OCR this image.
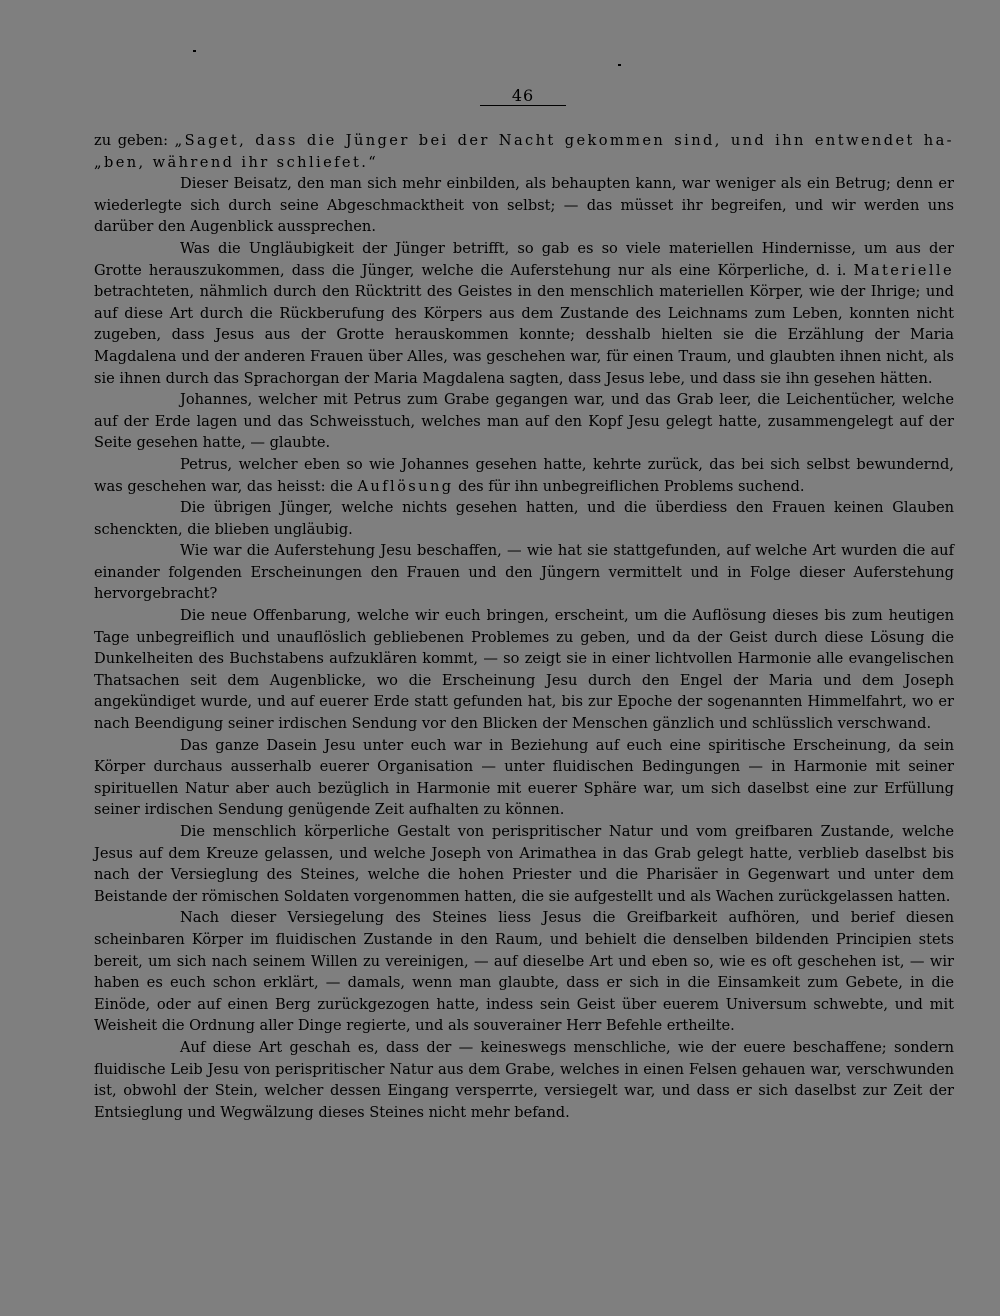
46

zu geben: „Saget, dass die Jünger bei der Nacht gekommen sind, und ihn entwendet ha- „ben, während ihr schliefet.“

Dieser Beisatz, den man sich mehr einbilden, als behaupten kann, war weniger als ein Betrug; denn er wiederlegte sich durch seine Abgeschmacktheit von selbst; — das müsset ihr begreifen, und wir werden uns darüber den Augenblick aussprechen.

Was die Ungläubigkeit der Jünger betrifft, so gab es so viele materiellen Hindernisse, um aus der Grotte herauszukommen, dass die Jünger, welche die Auferstehung nur als eine Körperliche, d. i. Materielle betrachteten, nähmlich durch den Rücktritt des Geistes in den menschlich materiellen Körper, wie der Ihrige; und auf diese Art durch die Rückberufung des Körpers aus dem Zustande des Leichnams zum Leben, konnten nicht zugeben, dass Jesus aus der Grotte herauskommen konnte; desshalb hielten sie die Erzählung der Maria Magdalena und der anderen Frauen über Alles, was geschehen war, für einen Traum, und glaubten ihnen nicht, als sie ihnen durch das Sprachorgan der Maria Magdalena sagten, dass Jesus lebe, und dass sie ihn gesehen hätten.

Johannes, welcher mit Petrus zum Grabe gegangen war, und das Grab leer, die Leichentücher, welche auf der Erde lagen und das Schweisstuch, welches man auf den Kopf Jesu gelegt hatte, zusammengelegt auf der Seite gesehen hatte, — glaubte.

Petrus, welcher eben so wie Johannes gesehen hatte, kehrte zurück, das bei sich selbst bewundernd, was geschehen war, das heisst: die Auflösung des für ihn unbegreiflichen Problems suchend.

Die übrigen Jünger, welche nichts gesehen hatten, und die überdiess den Frauen keinen Glauben schenckten, die blieben ungläubig.

Wie war die Auferstehung Jesu beschaffen, — wie hat sie stattgefunden, auf welche Art wurden die auf einander folgenden Erscheinungen den Frauen und den Jüngern vermittelt und in Folge dieser Auferstehung hervorgebracht?

Die neue Offenbarung, welche wir euch bringen, erscheint, um die Auflösung dieses bis zum heutigen Tage unbegreiflich und unauflöslich gebliebenen Problemes zu geben, und da der Geist durch diese Lösung die Dunkelheiten des Buchstabens aufzuklären kommt, — so zeigt sie in einer lichtvollen Harmonie alle evangelischen Thatsachen seit dem Augenblicke, wo die Erscheinung Jesu durch den Engel der Maria und dem Joseph angekündiget wurde, und auf euerer Erde statt gefunden hat, bis zur Epoche der sogenannten Himmelfahrt, wo er nach Beendigung seiner irdischen Sendung vor den Blicken der Menschen gänzlich und schlüsslich verschwand.

Das ganze Dasein Jesu unter euch war in Beziehung auf euch eine spiritische Erscheinung, da sein Körper durchaus ausserhalb euerer Organisation — unter fluidischen Bedingungen — in Harmonie mit seiner spirituellen Natur aber auch bezüglich in Harmonie mit euerer Sphäre war, um sich daselbst eine zur Erfüllung seiner irdischen Sendung genügende Zeit aufhalten zu können.

Die menschlich körperliche Gestalt von perispritischer Natur und vom greifbaren Zustande, welche Jesus auf dem Kreuze gelassen, und welche Joseph von Arimathea in das Grab gelegt hatte, verblieb daselbst bis nach der Versieglung des Steines, welche die hohen Priester und die Pharisäer in Gegenwart und unter dem Beistande der römischen Soldaten vorgenommen hatten, die sie aufgestellt und als Wachen zurückgelassen hatten.

Nach dieser Versiegelung des Steines liess Jesus die Greifbarkeit aufhören, und berief diesen scheinbaren Körper im fluidischen Zustande in den Raum, und behielt die denselben bildenden Principien stets bereit, um sich nach seinem Willen zu vereinigen, — auf dieselbe Art und eben so, wie es oft geschehen ist, — wir haben es euch schon erklärt, — damals, wenn man glaubte, dass er sich in die Einsamkeit zum Gebete, in die Einöde, oder auf einen Berg zurückgezogen hatte, indess sein Geist über euerem Universum schwebte, und mit Weisheit die Ordnung aller Dinge regierte, und als souverainer Herr Befehle ertheilte.

Auf diese Art geschah es, dass der — keineswegs menschliche, wie der euere beschaffene; sondern fluidische Leib Jesu von perispritischer Natur aus dem Grabe, welches in einen Felsen gehauen war, verschwunden ist, obwohl der Stein, welcher dessen Eingang versperrte, versiegelt war, und dass er sich daselbst zur Zeit der Entsieglung und Wegwälzung dieses Steines nicht mehr befand.
